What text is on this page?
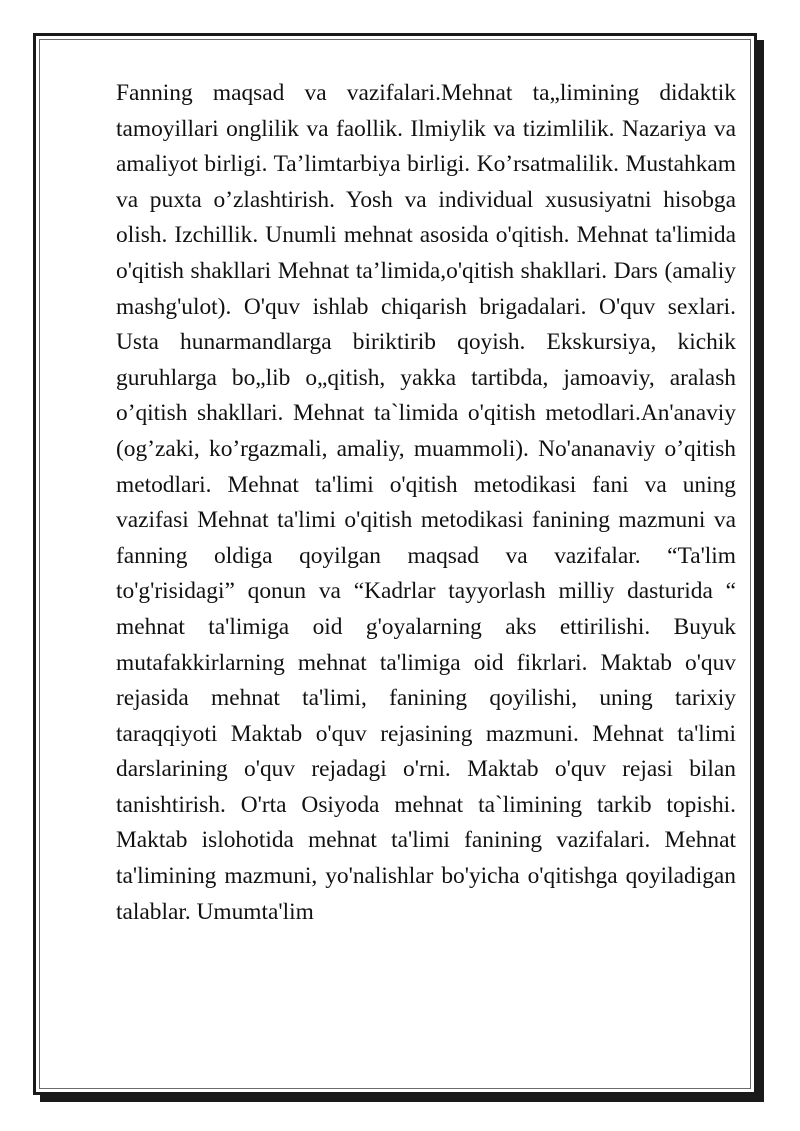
Fanning maqsad va vazifalari.Mehnat ta„limining didaktik tamoyillari onglilik va faollik. Ilmiylik va tizimlilik. Nazariya va amaliyot birligi. Ta’limtarbiya birligi. Ko’rsatmalilik. Mustahkam va puxta o’zlashtirish. Yosh va individual xususiyatni hisobga olish. Izchillik. Unumli mehnat asosida o'qitish. Mehnat ta'limida o'qitish shakllari Mehnat ta’limida,o'qitish shakllari. Dars (amaliy mashg'ulot). O'quv ishlab chiqarish brigadalari. O'quv sexlari. Usta hunarmandlarga biriktirib qoyish. Ekskursiya, kichik guruhlarga bo„lib o„qitish, yakka tartibda, jamoaviy, aralash o’qitish shakllari. Mehnat ta`limida o'qitish metodlari.An'anaviy (og’zaki, ko’rgazmali, amaliy, muammoli). No'ananaviy o’qitish metodlari. Mehnat ta'limi o'qitish metodikasi fani va uning vazifasi Mehnat ta'limi o'qitish metodikasi fanining mazmuni va fanning oldiga qoyilgan maqsad va vazifalar. “Ta'lim to'g'risidagi” qonun va “Kadrlar tayyorlash milliy dasturida “ mehnat ta'limiga oid g'oyalarning aks ettirilishi. Buyuk mutafakkirlarning mehnat ta'limiga oid fikrlari. Maktab o'quv rejasida mehnat ta'limi, fanining qoyilishi, uning tarixiy taraqqiyoti Maktab o'quv rejasining mazmuni. Mehnat ta'limi darslarining o'quv rejadagi o'rni. Maktab o'quv rejasi bilan tanishtirish. O'rta Osiyoda mehnat ta`limining tarkib topishi. Maktab islohotida mehnat ta'limi fanining vazifalari. Mehnat ta'limining mazmuni, yo'nalishlar bo'yicha o'qitishga qoyiladigan talablar. Umumta'lim
